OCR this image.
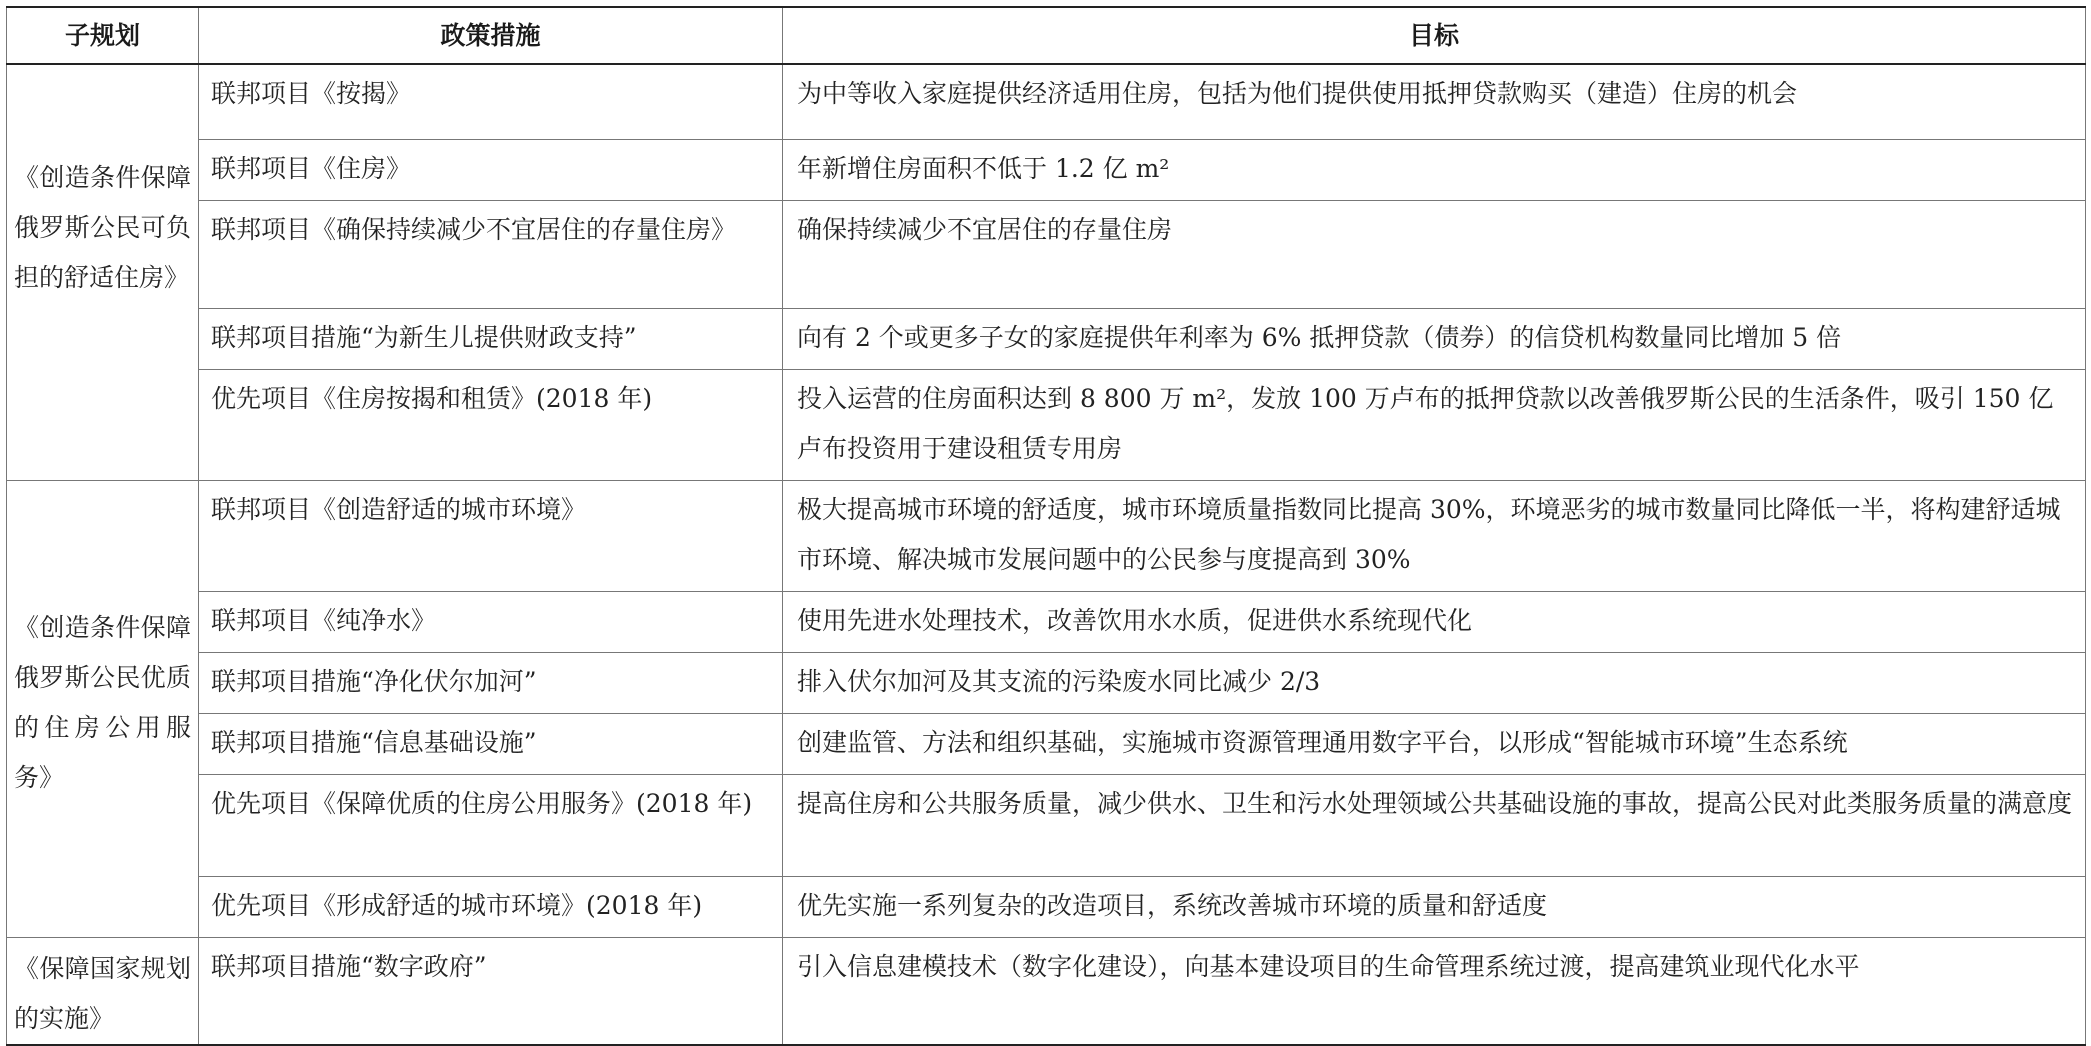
子规划	政策措施	目标
《创造条件保障俄罗斯公民可负担的舒适住房》	联邦项目《按揭》	为中等收入家庭提供经济适用住房，包括为他们提供使用抵押贷款购买（建造）住房的机会
	联邦项目《住房》	年新增住房面积不低于 1.2 亿 m²
	联邦项目《确保持续减少不宜居住的存量住房》	确保持续减少不宜居住的存量住房
	联邦项目措施“为新生儿提供财政支持”	向有 2 个或更多子女的家庭提供年利率为 6% 抵押贷款（债券）的信贷机构数量同比增加 5 倍
	优先项目《住房按揭和租赁》(2018 年)	投入运营的住房面积达到 8 800 万 m²，发放 100 万卢布的抵押贷款以改善俄罗斯公民的生活条件，吸引 150 亿卢布投资用于建设租赁专用房
《创造条件保障俄罗斯公民优质的住房公用服务》	联邦项目《创造舒适的城市环境》	极大提高城市环境的舒适度，城市环境质量指数同比提高 30%，环境恶劣的城市数量同比降低一半，将构建舒适城市环境、解决城市发展问题中的公民参与度提高到 30%
	联邦项目《纯净水》	使用先进水处理技术，改善饮用水水质，促进供水系统现代化
	联邦项目措施“净化伏尔加河”	排入伏尔加河及其支流的污染废水同比减少 2/3
	联邦项目措施“信息基础设施”	创建监管、方法和组织基础，实施城市资源管理通用数字平台，以形成“智能城市环境”生态系统
	优先项目《保障优质的住房公用服务》(2018 年)	提高住房和公共服务质量，减少供水、卫生和污水处理领域公共基础设施的事故，提高公民对此类服务质量的满意度
	优先项目《形成舒适的城市环境》(2018 年)	优先实施一系列复杂的改造项目，系统改善城市环境的质量和舒适度
《保障国家规划的实施》	联邦项目措施“数字政府”	引入信息建模技术（数字化建设），向基本建设项目的生命管理系统过渡，提高建筑业现代化水平
